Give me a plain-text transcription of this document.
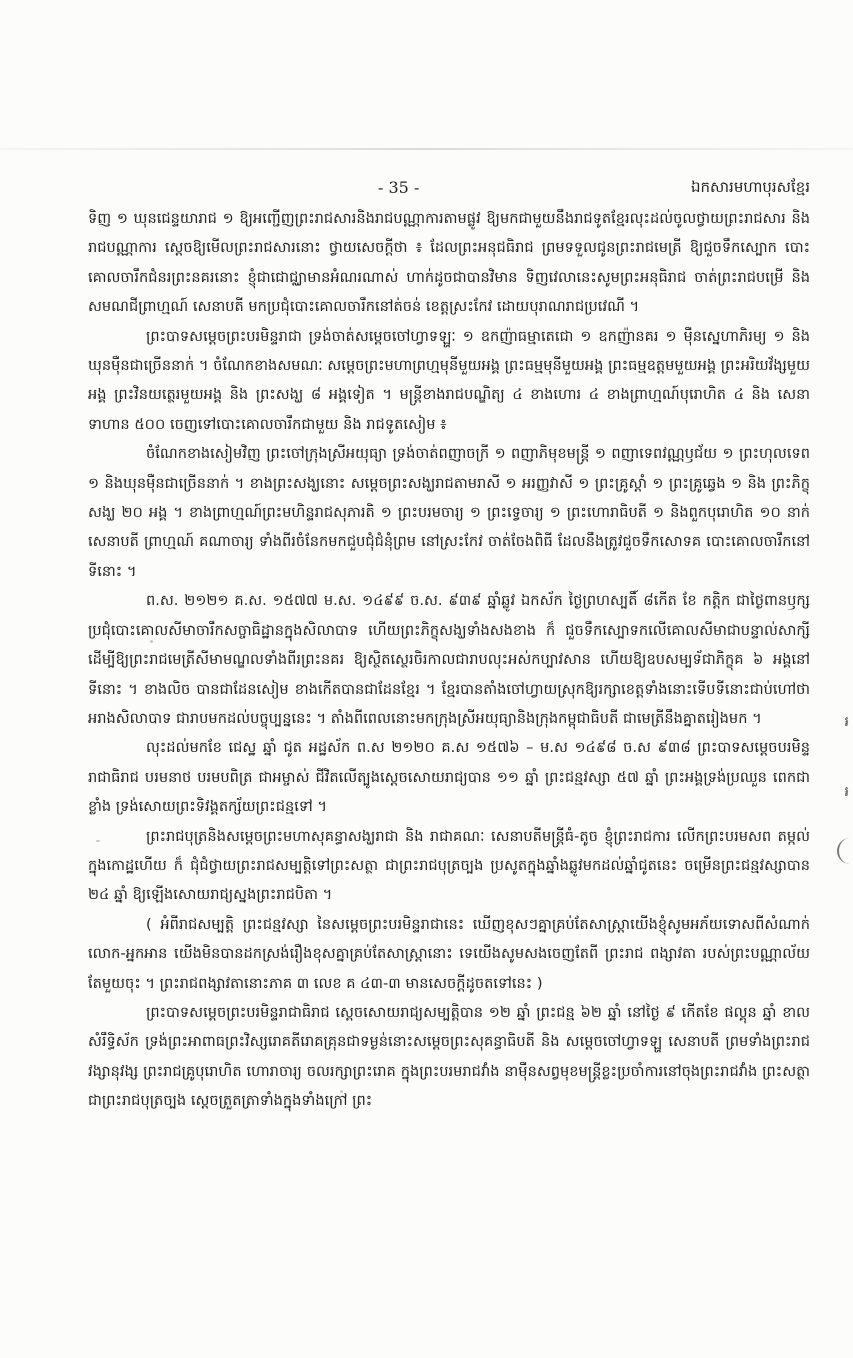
- 35 -	ឯកសារមហាបុរសខ្មែរ

ទិញ ១ ឃុនជេន្ទយារាជ ១ ឱ្យអញ្ជើញព្រះរាជសារនិងរាជបណ្ណាការតាមផ្លូវ ឱ្យមកជាមួយនឹងរាជទូតខ្មែរលុះដល់ចូលថ្វាយព្រះរាជសារ និង រាជបណ្ណាការ ស្តេចឱ្យមើលព្រះរាជសារនោះ ថ្វាយសេចក្តីថា ៖ ដែលព្រះអនុជធិរាជ ព្រមទទួលជូនព្រះរាជមេត្រី ឱ្យជួចទឹកស្បោក បោះគោលចារឹកជំនរព្រះនគរនោះ ខ្ញុំជាជោជ្ឈាមានអំណរណាស់ ហាក់ដូចជាបានវិមាន ទិញវេលានេះសូមព្រះអនុធិរាជ ចាត់ព្រះរាជបម្រើ និង សមណជីព្រាហ្មណ៍ សេនាបតី មកប្រជុំបោះគោលចារឹកនៅត់ចន់ ខេត្តស្រះកែវ ដោយបុរាណរាជប្រវេណី ។

ព្រះបាទសម្តេចព្រះបរមិន្ទរាជា ទ្រង់ចាត់សម្តេចចៅហ្វាទឡ្ហៈ ១ ឧកញ៉ាធម្មាតេជោ ១ ឧកញ៉ានគរ ១ ម៉ឺនស្នេហាភិរម្យ ១ និង ឃុនម៉ឺនជាច្រើននាក់ ។ ចំណែកខាងសមណៈ សម្តេចព្រះមហាព្រហ្មមុនីមួយអង្គ ព្រះធម្មមុនីមួយអង្គ ព្រះធម្មឧត្តមមួយអង្គ ព្រះអរិយវ័ង្សមួយអង្គ ព្រះវិនយត្ថេរមួយអង្គ និង ព្រះសង្ឃ ៨ អង្គទៀត ។ មន្ត្រីខាងរាជបណ្ឌិត្យ ៤ ខាងហោរ ៤ ខាងព្រាហ្មណ៍បុរោហិត ៤ និង សេនាទាហាន ៥០០ ចេញទៅបោះគោលចារឹកជាមួយ និង រាជទូតសៀម ៖

ចំណែកខាងសៀមវិញ ព្រះចៅក្រុងស្រីអយុធ្យា ទ្រង់ចាត់ពញាចក្រី ១ ពញាភិមុខមន្ត្រី ១ ពញាទេពវណ្ណឫជ័យ ១ ព្រះហុលទេព ១ និងឃុនម៉ឺនជាច្រើននាក់ ។ ខាងព្រះសង្ឃនោះ សម្តេចព្រះសង្ឃរាជតាមរាសី ១ អរញ្ញវាសី ១ ព្រះគ្រូស្តាំ ១ ព្រះគ្រូឆ្វេង ១ និង ព្រះភិក្ខុសង្ឃ ២០ អង្គ ។ ខាងព្រាហ្មណ៍ព្រះមហិន្ទរាជសុភារតិ ១ ព្រះបរមចារ្យ ១ ព្រះទ្វេចារ្យ ១ ព្រះហោរាធិបតី ១ និងពួកបុរោហិត ១០ នាក់ សេនាបតី ព្រាហ្មណ៍ គណាចារ្យ ទាំងពីរចំនែកមកជួបជុំជំនុំព្រម នៅស្រះកែវ ចាត់ចែងពិធី ដែលនឹងត្រូវជួចទឹកសោទគ បោះគោលចារឹកនៅទីនោះ ។

ព.ស. ២១២១ គ.ស. ១៥៧៧ ម.ស. ១៤៩៩ ច.ស. ៩៣៩ ឆ្នាំឆ្លូវ ឯកស័ក ថ្ងៃព្រហស្បតិ៍ ៨កើត ខែ កត្តិក ជាថ្ងៃពានឫក្ស ប្រជុំបោះគោលសីមាចារឹកសច្ចាធិដ្ឋានក្នុងសិលាបាទ ហើយព្រះភិក្ខុសង្ឃទាំងសងខាង ក៏ ជួចទឹកស្បោទកលើគោលសីមាជាបន្ទាល់សាក្សី ដើម្បីឱ្យព្រះរាជមេត្រីសីមាមណ្ឌលទាំងពីរព្រះនគរ ឱ្យស្ថិតស្ថេរចិរកាលជារាបលុះអស់កប្បាវសាន ហើយឱ្យឧបសម្បទ័ជាភិក្ខុគ ៦ អង្គនៅទីនោះ ។ ខាងលិច បានជាដែនសៀម ខាងកើតបានជាដែនខ្មែរ ។ ខ្មែរបានតាំងចៅហ្វាយស្រុកឱ្យរក្សាខេត្តទាំងនោះទើបទីនោះជាប់ហៅថា អរាងសិលាបាទ ជារាបមកដល់បច្ចុប្បន្ននេះ ។ តាំងពីពេលនោះមកក្រុងស្រីអយុធ្យានិងក្រុងកម្ពុជាធិបតី ជាមេត្រីនឹងគ្នាតរៀងមក ។

លុះដល់មកខែ ជេស្ឋ ឆ្នាំ ជូត អដ្ឋស័ក ព.ស ២១២០ គ.ស ១៥៧៦ – ម.ស ១៤៩៨ ច.ស ៩៣៨ ព្រះបាទសម្តេចបរមិន្ទរាជាធិរាជ បរមនាថ បរមបពិត្រ ជាអម្ចាស់ ជីវិតលើត្បូងស្តេចសោយរាជ្យបាន ១១ ឆ្នាំ ព្រះជន្មវស្សា ៥៧ ឆ្នាំ ព្រះអង្គទ្រង់ប្រឈួន ពេកជាខ្លាំង ទ្រង់សោយព្រះទិវង្គតក្ស័យព្រះជន្មទៅ ។

ព្រះរាជបុត្រនិងសម្តេចព្រះមហាសុគន្ធាសង្ឃរាជា និង រាជាគណៈ សេនាបតីមន្ត្រីធំ-តូច ខ្ញុំព្រះរាជការ លើកព្រះបរមសព តម្កល់ក្នុងកោដ្ឋហើយ ក៏ ជុំជំថ្វាយព្រះរាជសម្បត្តិទៅព្រះសត្ថា ជាព្រះរាជបុត្រច្បង ប្រសូតក្នុងឆ្នាំងឆ្លូវមកដល់ឆ្នាំជូតនេះ ចម្រើនព្រះជន្មវស្សាបាន ២៤ ឆ្នាំ ឱ្យឡើងសោយរាជ្យស្នងព្រះរាជបិតា ។

( អំពីរាជសម្បត្តិ ព្រះជន្មវស្សា នៃសម្តេចព្រះបរមិន្ទរាជានេះ ឃើញខុសៗគ្នាគ្រប់តែសាស្ត្រាយើងខ្ញុំសូមអភ័យទោសពីសំណាក់ លោក-អ្នកអាន យើងមិនបានដកស្រង់រឿងខុសគ្នាគ្រប់តែសាស្ត្រានោះ ទេយើងសូមសងចេញតែពី ព្រះរាជ ពង្សាវតា របស់ព្រះបណ្ណាល័យតែមួយចុះ ។ ព្រះរាជពង្សាវតានោះភាគ ៣ លេខ គ ៤៣-៣ មានសេចក្តីដូចតទៅនេះ )

ព្រះបាទសម្តេចព្រះបរមិន្ទរាជាធិរាជ ស្តេចសោយរាជ្យសម្បត្តិបាន ១២ ឆ្នាំ ព្រះជន្ម ៦២ ឆ្នាំ នៅថ្ងៃ ៩ កើតខែ ផល្គុន ឆ្នាំ ខាល សំរឹទ្ធិស័ក ទ្រង់ព្រះអាពាធព្រះវិស្សរោគតីរោគគ្រុនជាទម្ងន់នោះសម្តេចព្រះសុគន្ធាធិបតី និង សម្តេចចៅហ្វាទឡ្ហ សេនាបតី ព្រមទាំងព្រះរាជវង្សានុវង្ស ព្រះរាជគ្រូបុរោហិត ហោរាចារ្យ ចលរក្សាព្រះរោគ ក្នុងព្រះបរមរាជវាំង នាម៉ឺនសព្វមុខមន្ត្រីខ្លះប្រចាំការនៅចុងព្រះរាជវាំង ព្រះសត្ថាជាព្រះរាជបុត្រច្បង ស្តេចត្រួតត្រាទាំងក្នុងទាំងក្រៅ ព្រះ

៛
៛
